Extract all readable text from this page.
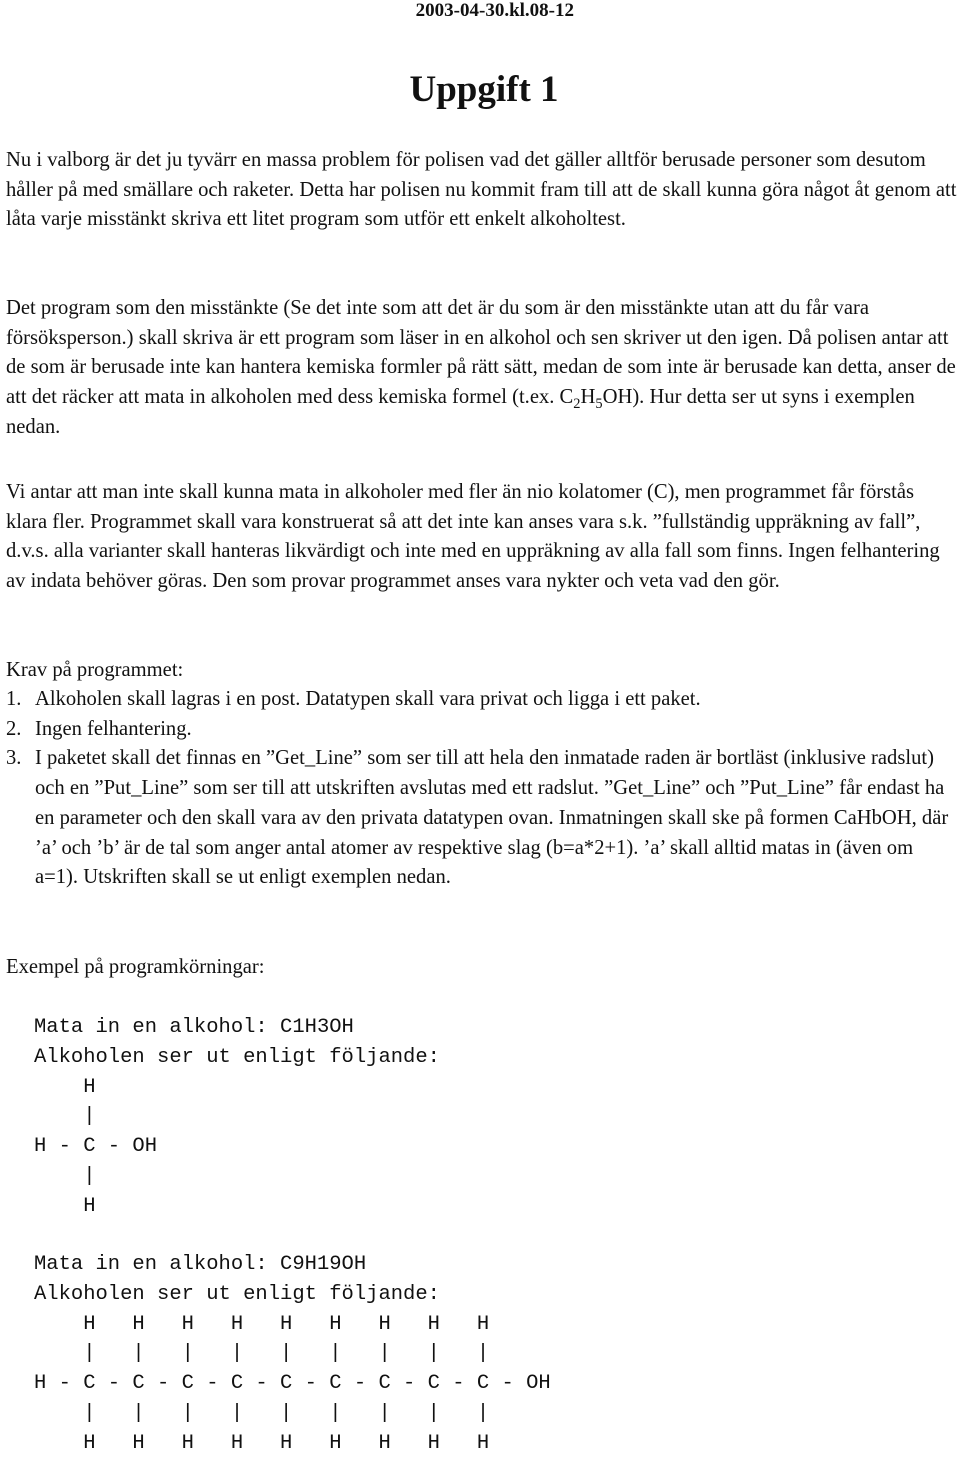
2003-04-30.kl.08-12
Uppgift 1

Nu i valborg är det ju tyvärr en massa problem för polisen vad det gäller alltför berusade personer som desutom håller på med smällare och raketer. Detta har polisen nu kommit fram till att de skall kunna göra något åt genom att låta varje misstänkt skriva ett litet program som utför ett enkelt alkoholtest.

Det program som den misstänkte (Se det inte som att det är du som är den misstänkte utan att du får vara försöksperson.) skall skriva är ett program som läser in en alkohol och sen skriver ut den igen. Då polisen antar att de som är berusade inte kan hantera kemiska formler på rätt sätt, medan de som inte är berusade kan detta, anser de att det räcker att mata in alkoholen med dess kemiska formel (t.ex. $C_2H_5OH$). Hur detta ser ut syns i exemplen nedan.

Vi antar att man inte skall kunna mata in alkoholer med fler än nio kolatomer (C), men programmet får förstås klara fler. Programmet skall vara konstruerat så att det inte kan anses vara s.k. ”fullständig uppräkning av fall”, d.v.s. alla varianter skall hanteras likvärdigt och inte med en uppräkning av alla fall som finns. Ingen felhantering av indata behöver göras. Den som provar programmet anses vara nykter och veta vad den gör.

Krav på programmet:

1. Alkoholen skall lagras i en post. Datatypen skall vara privat och ligga i ett paket.
2. Ingen felhantering.
3. I paketet skall det finnas en ”Get_Line” som ser till att hela den inmatade raden är bortläst (inklusive radslut) och en ”Put_Line” som ser till att utskriften avslutas med ett radslut. ”Get_Line” och ”Put_Line” får endast ha en parameter och den skall vara av den privata datatypen ovan. Inmatningen skall ske på formen CaHbOH, där ’a’ och ’b’ är de tal som anger antal atomer av respektive slag (b=a*2+1). ’a’ skall alltid matas in (även om a=1). Utskriften skall se ut enligt exemplen nedan.

Exempel på programkörningar:

Mata in en alkohol: C1H3OH
Alkoholen ser ut enligt följande:
H
|
H - C - OH
|
H
Mata in en alkohol: C9H19OH
Alkoholen ser ut enligt följande:
H   H   H   H   H   H   H   H   H
|   |   |   |   |   |   |   |   |
H - C - C - C - C - C - C - C - C - C - OH
|   |   |   |   |   |   |   |   |
H   H   H   H   H   H   H   H   H
